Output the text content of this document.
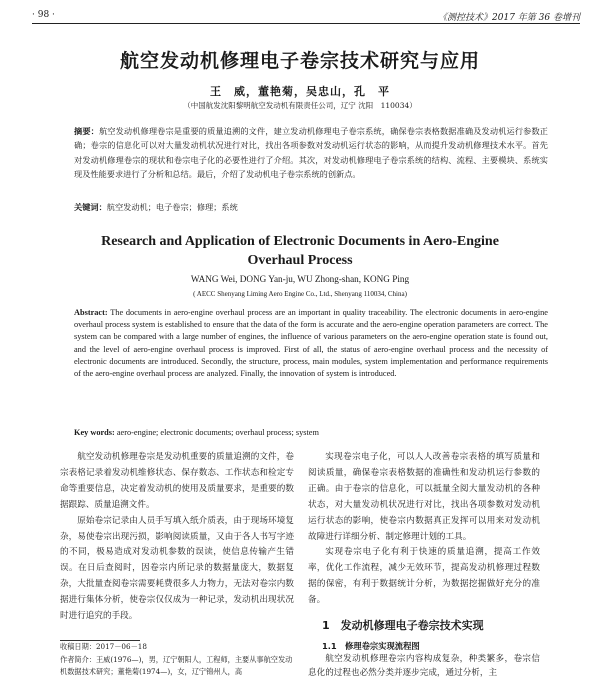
· 98 ·	《测控技术》2017 年第 36 卷增刊
航空发动机修理电子卷宗技术研究与应用
王　威，董艳菊，吴忠山，孔　平
（中国航发沈阳黎明航空发动机有限责任公司，辽宁 沈阳　110034）
摘要：航空发动机修理卷宗是重要的质量追溯的文件，建立发动机修理电子卷宗系统，确保卷宗表格数据准确及发动机运行参数正确；卷宗的信息化可以对大量发动机状况进行对比，找出各项参数对发动机运行状态的影响，从而提升发动机修理技术水平。首先对发动机修理卷宗的现状和卷宗电子化的必要性进行了介绍。其次，对发动机修理电子卷宗系统的结构、流程、主要模块、系统实现及性能要求进行了分析和总结。最后，介绍了发动机电子卷宗系统的创新点。
关键词：航空发动机；电子卷宗；修理；系统
Research and Application of Electronic Documents in Aero-Engine
Overhaul Process
WANG Wei, DONG Yan-ju, WU Zhong-shan, KONG Ping
( AECC Shenyang Liming Aero Engine Co., Ltd., Shenyang 110034, China)
Abstract: The documents in aero-engine overhaul process are an important in quality traceability. The electronic documents in aero-engine overhaul process system is established to ensure that the data of the form is accurate and the aero-engine operation parameters are correct. The system can be compared with a large number of engines, the influence of various parameters on the aero-engine operation state is found out, and the level of aero-engine overhaul process is improved. First of all, the status of aero-engine overhaul process and the necessity of electronic documents are introduced. Secondly, the structure, process, main modules, system implementation and performance requirements of the aero-engine overhaul process are analyzed. Finally, the innovation of system is introduced.
Key words: aero-engine; electronic documents; overhaul process; system

航空发动机修理卷宗是发动机重要的质量追溯的文件，卷宗表格记录着发动机维修状态、保存数态、工作状态和检定专命等重要信息，决定着发动机的使用及质量要求，是重要的数据跟踪、质量追溯文件。

原始卷宗记录由人员手写填入纸介质表，由于现场环境复杂，易使卷宗出现污损，影响阅读质量，又由于各人书写字迹的不同，极易造成对发动机参数的误读，使信息传输产生错误。在日后查阅时，因卷宗内所记录的数据量庞大，数据复杂，大批量查阅卷宗需要耗费很多人力物力，无法对卷宗内数据进行集体分析，使卷宗仅仅成为一种记录，发动机出现状况时进行追究的手段。

收稿日期：2017－06－18
作者简介：王威(1976—)，男，辽宁朝阳人，工程师，主要从事航空发动机数据技术研究；董艳菊(1974—)，女，辽宁锦州人，高

实现卷宗电子化，可以人人改善卷宗表格的填写质量和阅读质量，确保卷宗表格数据的准确性和发动机运行参数的正确。由于卷宗的信息化，可以抵量全阅大量发动机的各种状态，对大量发动机状况进行对比，找出各项参数对发动机运行状态的影响，使卷宗内数据真正发挥可以用来对发动机故障进行详细分析、制定修理计划的工具。

实现卷宗电子化有利于快速的质量追溯，提高工作效率，优化工作流程，减少无效环节，提高发动机修理过程数据的保密，有利于数据统计分析，为数据挖掘做好充分的准备。

1　发动机修理电子卷宗技术实现
1.1　修理卷宗实现流程图

航空发动机修理卷宗内容构成复杂，种类繁多，卷宗信息化的过程也必然分类并逐步完成，通过分析，主
